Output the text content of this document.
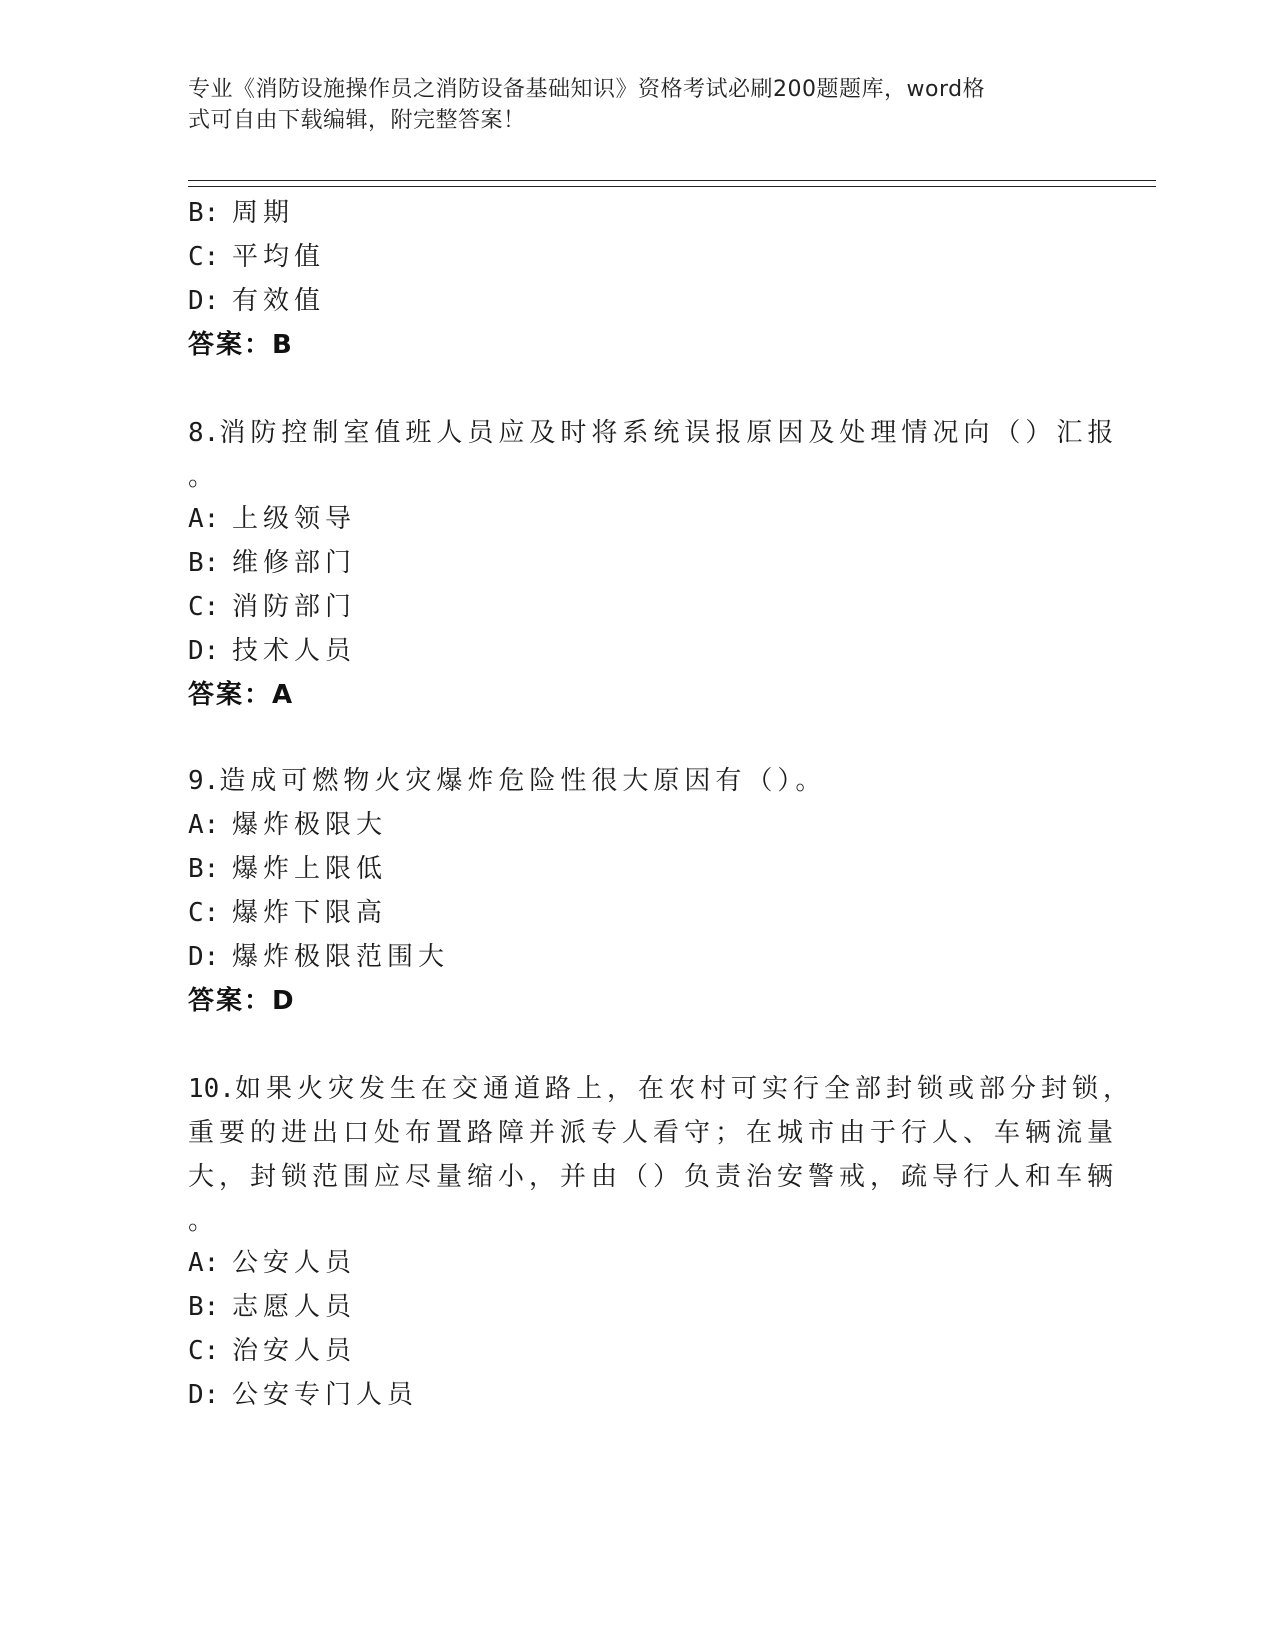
专业《消防设施操作员之消防设备基础知识》资格考试必刷200题题库，word格
式可自由下载编辑，附完整答案！
B: 周期
C: 平均值
D: 有效值
答案：B
8.消防控制室值班人员应及时将系统误报原因及处理情况向（）汇报
。
A: 上级领导
B: 维修部门
C: 消防部门
D: 技术人员
答案：A
9.造成可燃物火灾爆炸危险性很大原因有（）。
A: 爆炸极限大
B: 爆炸上限低
C: 爆炸下限高
D: 爆炸极限范围大
答案：D
10.如果火灾发生在交通道路上，在农村可实行全部封锁或部分封锁，
重要的进出口处布置路障并派专人看守；在城市由于行人、车辆流量
大，封锁范围应尽量缩小，并由（）负责治安警戒，疏导行人和车辆
。
A: 公安人员
B: 志愿人员
C: 治安人员
D: 公安专门人员
